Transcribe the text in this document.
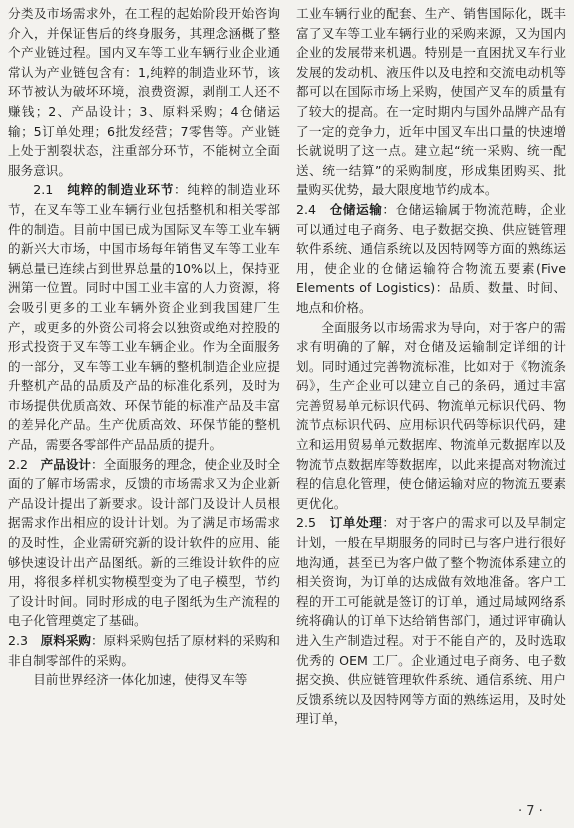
分类及市场需求外，在工程的起始阶段开始咨询介入，并保证售后的终身服务，其理念涵概了整个产业链过程。国内叉车等工业车辆行业企业通常认为产业链包含有：1,纯粹的制造业环节，该环节被认为破坏环境，浪费资源，剥削工人还不赚钱；2、产品设计；3、原料采购；4仓储运输；5订单处理；6批发经营；7零售等。产业链上处于割裂状态，注重部分环节，不能树立全面服务意识。

2.1　 纯粹的制造业环节：纯粹的制造业环节，在叉车等工业车辆行业包括整机和相关零部件的制造。目前中国已成为国际叉车等工业车辆的新兴大市场，中国市场每年销售叉车等工业车辆总量已连续占到世界总量的10%以上，保持亚洲第一位置。同时中国工业丰富的人力资源，将会吸引更多的工业车辆外资企业到我国建厂生产，或更多的外资公司将会以独资或绝对控股的形式投资于叉车等工业车辆企业。作为全面服务的一部分，叉车等工业车辆的整机制造企业应提升整机产品的品质及产品的标准化系列，及时为市场提供优质高效、环保节能的标准产品及丰富的差异化产品。生产优质高效、环保节能的整机产品，需要各零部件产品品质的提升。

2.2　 产品设计：全面服务的理念，使企业及时全面的了解市场需求，反馈的市场需求又为企业新产品设计提出了新要求。设计部门及设计人员根据需求作出相应的设计计划。为了满足市场需求的及时性，企业需研究新的设计软件的应用、能够快速设计出产品图纸。新的三维设计软件的应用，将很多样机实物模型变为了电子模型，节约了设计时间。同时形成的电子图纸为生产流程的电子化管理奠定了基础。

2.3　 原料采购：原料采购包括了原材料的采购和非自制零部件的采购。

目前世界经济一体化加速，使得叉车等

工业车辆行业的配套、生产、销售国际化，既丰富了叉车等工业车辆行业的采购来源，又为国内企业的发展带来机遇。特别是一直困扰叉车行业发展的发动机、液压件以及电控和交流电动机等都可以在国际市场上采购，使国产叉车的质量有了较大的提高。在一定时期内与国外品牌产品有了一定的竞争力，近年中国叉车出口量的快速增长就说明了这一点。建立起“统一采购、统一配送、统一结算”的采购制度，形成集团购买、批量购买优势，最大限度地节约成本。

2.4　 仓储运输：仓储运输属于物流范畴，企业可以通过电子商务、电子数据交换、供应链管理软件系统、通信系统以及因特网等方面的熟练运用，使企业的仓储运输符合物流五要素(Five Elements of Logistics)：品质、数量、时间、地点和价格。

全面服务以市场需求为导向，对于客户的需求有明确的了解，对仓储及运输制定详细的计划。同时通过完善物流标准，比如对于《物流条码》，生产企业可以建立自己的条码，通过丰富完善贸易单元标识代码、物流单元标识代码、物流节点标识代码、应用标识代码等标识代码，建立和运用贸易单元数据库、物流单元数据库以及物流节点数据库等数据库，以此来提高对物流过程的信息化管理，使仓储运输对应的物流五要素更优化。

2.5　 订单处理：对于客户的需求可以及早制定计划，一般在早期服务的同时已与客户进行很好地沟通，甚至已为客户做了整个物流体系建立的相关资询，为订单的达成做有效地准备。客户工程的开工可能就是签订的订单，通过局域网络系统将确认的订单下达给销售部门，通过评审确认进入生产制造过程。对于不能自产的，及时选取优秀的 OEM 工厂。企业通过电子商务、电子数据交换、供应链管理软件系统、通信系统、用户反馈系统以及因特网等方面的熟练运用，及时处理订单，

· 7 ·
